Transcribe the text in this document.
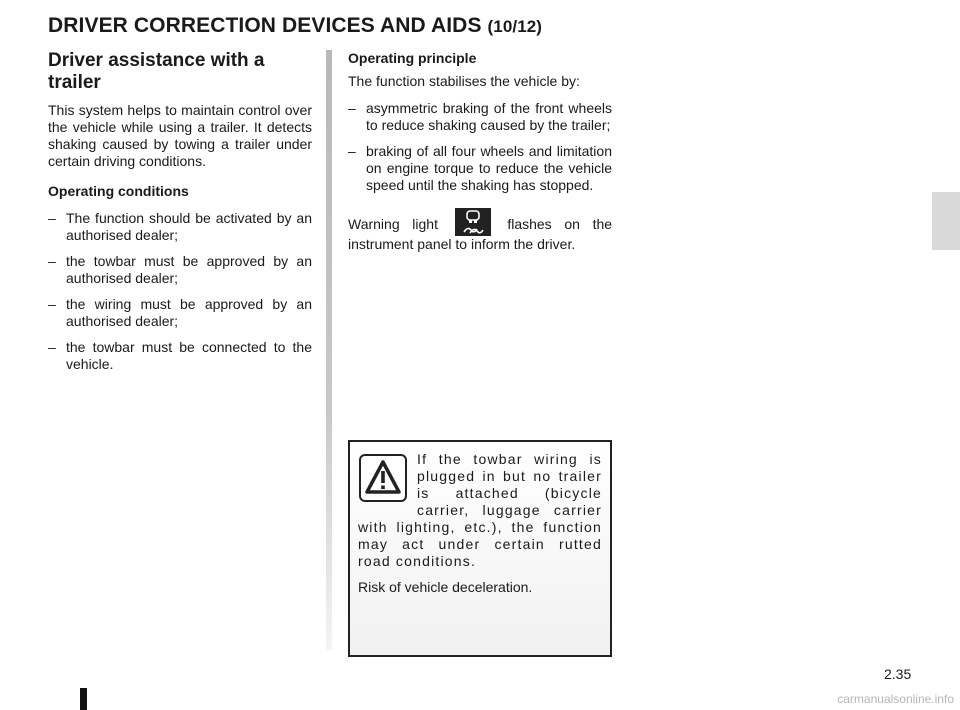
DRIVER CORRECTION DEVICES AND AIDS (10/12)
Driver assistance with a trailer

This system helps to maintain control over the vehicle while using a trailer. It detects shaking caused by towing a trailer under certain driving conditions.

Operating conditions
– The function should be activated by an authorised dealer;
– the towbar must be approved by an authorised dealer;
– the wiring must be approved by an authorised dealer;
– the towbar must be connected to the vehicle.
Operating principle

The function stabilises the vehicle by:

– asymmetric braking of the front wheels to reduce shaking caused by the trailer;
– braking of all four wheels and limitation on engine torque to reduce the vehicle speed until the shaking has stopped.

Warning light	flashes on the instrument panel to inform the driver.

If the towbar wiring is plugged in but no trailer is attached (bicycle carrier, luggage carrier with lighting, etc.), the function may act under certain rutted road conditions.
Risk of vehicle deceleration.
2.35
carmanualsonline.info
